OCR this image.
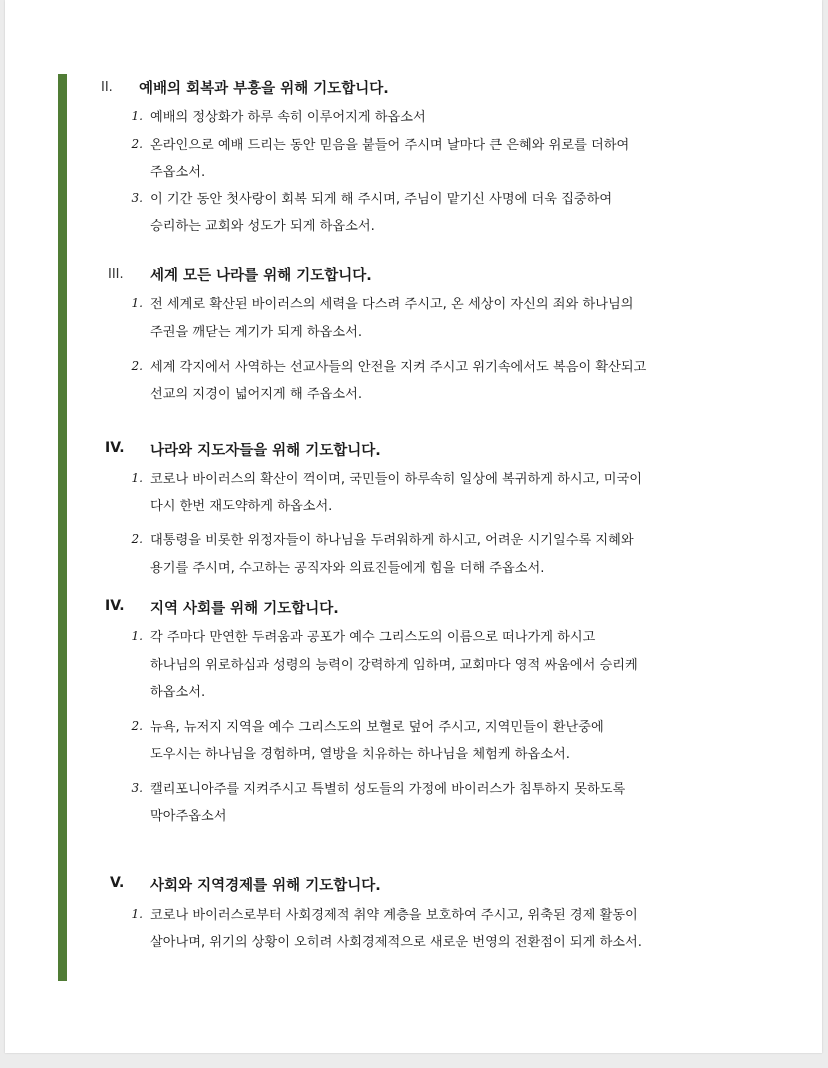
II. 예배의 회복과 부흥을 위해 기도합니다.
1. 예배의 정상화가 하루 속히 이루어지게 하옵소서
2. 온라인으로 예배 드리는 동안 믿음을 붙들어 주시며 날마다 큰 은혜와 위로를 더하여
주옵소서.
3. 이 기간 동안 첫사랑이 회복 되게 해 주시며, 주님이 맡기신 사명에 더욱 집중하여
승리하는 교회와 성도가 되게 하옵소서.
III. 세계 모든 나라를 위해 기도합니다.
1. 전 세계로 확산된 바이러스의 세력을 다스려 주시고, 온 세상이 자신의 죄와 하나님의
주권을 깨닫는 계기가 되게 하옵소서.
2. 세계 각지에서 사역하는 선교사들의 안전을 지켜 주시고 위기속에서도 복음이 확산되고
선교의 지경이 넓어지게 해 주옵소서.
IV. 나라와 지도자들을 위해 기도합니다.
1. 코로나 바이러스의 확산이 꺽이며, 국민들이 하루속히 일상에 복귀하게 하시고, 미국이
다시 한번 재도약하게 하옵소서.
2. 대통령을 비롯한 위정자들이 하나님을 두려워하게 하시고, 어려운 시기일수록 지혜와
용기를 주시며, 수고하는 공직자와 의료진들에게 힘을 더해 주옵소서.
IV. 지역 사회를 위해 기도합니다.
1. 각 주마다 만연한 두려움과 공포가 예수 그리스도의 이름으로 떠나가게 하시고
하나님의 위로하심과 성령의 능력이 강력하게 임하며, 교회마다 영적 싸움에서 승리케
하옵소서.
2. 뉴욕, 뉴저지 지역을 예수 그리스도의 보혈로 덮어 주시고, 지역민들이 환난중에
도우시는 하나님을 경험하며, 열방을 치유하는 하나님을 체험케 하옵소서.
3. 캘리포니아주를 지켜주시고 특별히 성도들의 가정에 바이러스가 침투하지 못하도록
막아주옵소서
V. 사회와 지역경제를 위해 기도합니다.
1. 코로나 바이러스로부터 사회경제적 취약 계층을 보호하여 주시고, 위축된 경제 활동이
살아나며, 위기의 상황이 오히려 사회경제적으로 새로운 번영의 전환점이 되게 하소서.
